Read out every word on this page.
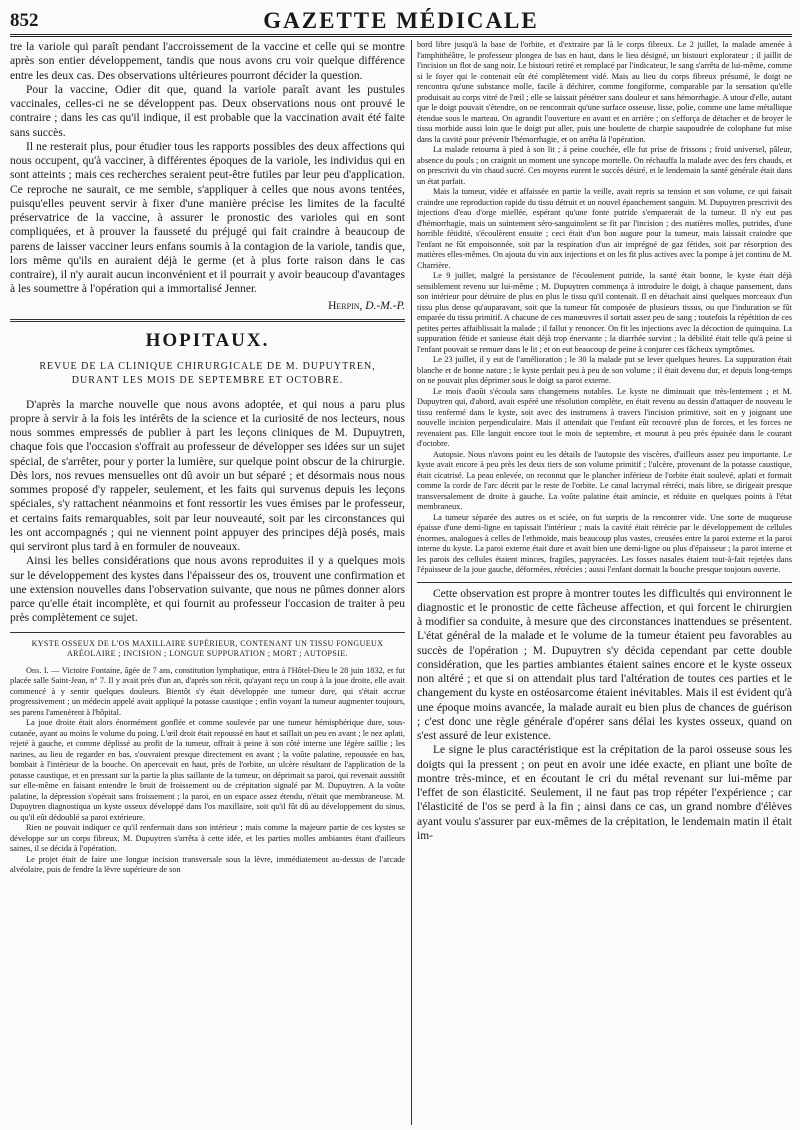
852	GAZETTE MÉDICALE

tre la variole qui paraît pendant l'accroissement de la vaccine et celle qui se montre après son entier développement, tandis que nous avons cru voir quelque différence entre les deux cas. Des observations ultérieures pourront décider la question.

Pour la vaccine, Odier dit que, quand la variole paraît avant les pustules vaccinales, celles-ci ne se développent pas. Deux observations nous ont prouvé le contraire ; dans les cas qu'il indique, il est probable que la vaccination avait été faite sans succès.

Il ne resterait plus, pour étudier tous les rapports possibles des deux affections qui nous occupent, qu'à vacciner, à différentes époques de la variole, les individus qui en sont atteints ; mais ces recherches seraient peut-être futiles par leur peu d'application. Ce reproche ne saurait, ce me semble, s'appliquer à celles que nous avons tentées, puisqu'elles peuvent servir à fixer d'une manière précise les limites de la faculté préservatrice de la vaccine, à assurer le pronostic des varioles qui en sont compliquées, et à prouver la fausseté du préjugé qui fait craindre à beaucoup de parens de laisser vacciner leurs enfans soumis à la contagion de la variole, tandis que, lors même qu'ils en auraient déjà le germe (et à plus forte raison dans le cas contraire), il n'y aurait aucun inconvénient et il pourrait y avoir beaucoup d'avantages à les soumettre à l'opération qui a immortalisé Jenner.

Herpin, D.-M.-P.
HOPITAUX.
REVUE DE LA CLINIQUE CHIRURGICALE DE M. DUPUYTREN,
DURANT LES MOIS DE SEPTEMBRE ET OCTOBRE.

D'après la marche nouvelle que nous avons adoptée, et qui nous a paru plus propre à servir à la fois les intérêts de la science et la curiosité de nos lecteurs, nous nous sommes empressés de publier à part les leçons cliniques de M. Dupuytren, chaque fois que l'occasion s'offrait au professeur de développer ses idées sur un sujet spécial, de s'arrêter, pour y porter la lumière, sur quelque point obscur de la chirurgie. Dès lors, nos revues mensuelles ont dû avoir un but séparé ; et désormais nous nous sommes proposé d'y rappeler, seulement, et les faits qui survenus depuis les leçons spéciales, s'y rattachent néanmoins et font ressortir les vues émises par le professeur, et certains faits remarquables, soit par leur nouveauté, soit par les circonstances qui les ont accompagnés ; qui ne viennent point appuyer des principes déjà posés, mais qui serviront plus tard à en formuler de nouveaux.

Ainsi les belles considérations que nous avons reproduites il y a quelques mois sur le développement des kystes dans l'épaisseur des os, trouvent une confirmation et une extension nouvelles dans l'observation suivante, que nous ne pûmes donner alors parce qu'elle était incomplète, et qui fournit au professeur l'occasion de traiter à peu près complètement ce sujet.

KYSTE OSSEUX DE L'OS MAXILLAIRE SUPÉRIEUR, CONTENANT UN TISSU FONGUEUX
ARÉOLAIRE ; INCISION ; LONGUE SUPPURATION ; MORT ; AUTOPSIE.

Obs. I. — Victoire Fontaine, âgée de 7 ans, constitution lymphatique, entra à l'Hôtel-Dieu le 28 juin 1832, et fut placée salle Saint-Jean, n° 7. Il y avait près d'un an, d'après son récit, qu'ayant reçu un coup à la joue droite, elle avait commencé à y sentir quelques douleurs. Bientôt s'y était développée une tumeur dure, qui s'était accrue progressivement ; un médecin appelé avait appliqué la potasse caustique ; enfin voyant la tumeur augmenter toujours, ses parens l'amenèrent à l'hôpital.

La joue droite était alors énormément gonflée et comme soulevée par une tumeur hémisphérique dure, sous-cutanée, ayant au moins le volume du poing. L'œil droit était repoussé en haut et saillait un peu en avant ; le nez aplati, rejeté à gauche, et comme déplissé au profit de la tumeur, offrait à peine à son côté interne une légère saillie ; les narines, au lieu de regarder en bas, s'ouvraient presque directement en avant ; la voûte palatine, repoussée en bas, bombait à l'intérieur de la bouche. On apercevait en haut, près de l'orbite, un ulcère résultant de l'application de la potasse caustique, et en pressant sur la partie la plus saillante de la tumeur, on déprimait sa paroi, qui revenait aussitôt sur elle-même en faisant entendre le bruit de froissement ou de crépitation signalé par M. Dupuytren. A la voûte palatine, la dépression s'opérait sans froissement ; la paroi, en un espace assez étendu, n'était que membraneuse. M. Dupuytren diagnostiqua un kyste osseux développé dans l'os maxillaire, soit qu'il fût dû au développement du sinus, ou qu'il eût dédoublé sa paroi extérieure.

Rien ne pouvait indiquer ce qu'il renfermait dans son intérieur ; mais comme la majeure partie de ces kystes se développe sur un corps fibreux, M. Dupuytren s'arrêta à cette idée, et les parties molles ambiantes étant d'ailleurs saines, il se décida à l'opération.

Le projet était de faire une longue incision transversale sous la lèvre, immédiatement au-dessus de l'arcade alvéolaire, puis de fendre la lèvre supérieure de son

bord libre jusqu'à la base de l'orbite, et d'extraire par là le corps fibreux. Le 2 juillet, la malade amenée à l'amphithéâtre, le professeur plongea de bas en haut, dans le lieu désigné, un bistouri explorateur ; il jaillit de l'incision un flot de sang noir. Le bistouri retiré et remplacé par l'indicateur, le sang s'arrêta de lui-même, comme si le foyer qui le contenait eût été complètement vidé. Mais au lieu du corps fibreux présumé, le doigt ne rencontra qu'une substance molle, facile à déchirer, comme fongiforme, comparable par la sensation qu'elle produisait au corps vitré de l'œil ; elle se laissait pénétrer sans douleur et sans hémorrhagie. A utour d'elle, autant que le doigt pouvait s'étendre, on ne rencontrait qu'une surface osseuse, lisse, polie, comme une lame métallique étendue sous le marteau. On agrandit l'ouverture en avant et en arrière ; on s'efforça de détacher et de broyer le tissu morbide aussi loin que le doigt put aller, puis une boulette de charpie saupoudrée de colophane fut mise dans la cavité pour prévenir l'hémorrhagie, et on arrêta là l'opération.

La malade retourna à pied à son lit ; à peine couchée, elle fut prise de frissons ; froid universel, pâleur, absence du pouls ; on craignit un moment une syncope mortelle. On réchauffa la malade avec des fers chauds, et on prescrivit du vin chaud sucré. Ces moyens eurent le succès désiré, et le lendemain la santé générale était dans un état parfait.

Mais la tumeur, vidée et affaissée en partie la veille, avait repris sa tension et son volume, ce qui faisait craindre une reproduction rapide du tissu détruit et un nouvel épanchement sanguin. M. Dupuytren prescrivit des injections d'eau d'orge miellée, espérant qu'une fonte putride s'emparerait de la tumeur. Il n'y eut pas d'hémorrhagie, mais un suintement séro-sanguinolent se fit par l'incision ; des matières molles, putrides, d'une horrible fétidité, s'écoulèrent ensuite ; ceci était d'un bon augure pour la tumeur, mais laissait craindre que l'enfant ne fût empoisonnée, soit par la respiration d'un air imprégné de gaz fétides, soit par résorption des matières elles-mêmes. On ajouta du vin aux injections et on les fit plus actives avec la pompe à jet continu de M. Charrière.

Le 9 juillet, malgré la persistance de l'écoulement putride, la santé était bonne, le kyste était déjà sensiblement revenu sur lui-même ; M. Dupuytren commença à introduire le doigt, à chaque pansement, dans son intérieur pour détruire de plus en plus le tissu qu'il contenait. Il en détachait ainsi quelques morceaux d'un tissu plus dense qu'auparavant, soit que la tumeur fût composée de plusieurs tissus, ou que l'induration se fût emparée du tissu primitif. A chacune de ces manœuvres il sortait assez peu de sang ; toutefois la répétition de ces petites pertes affaiblissait la malade ; il fallut y renoncer. On fit les injections avec la décoction de quinquina. La suppuration fétide et sanieuse était déjà trop énervante ; la diarrhée survint ; la débilité était telle qu'à peine si l'enfant pouvait se remuer dans le lit ; et on eut beaucoup de peine à conjurer ces fâcheux symptômes.

Le 23 juillet, il y eut de l'amélioration ; le 30 la malade put se lever quelques heures. La suppuration était blanche et de bonne nature ; le kyste perdait peu à peu de son volume ; il était devenu dur, et depuis long-temps on ne pouvait plus déprimer sous le doigt sa paroi externe.

Le mois d'août s'écoula sans changemens notables. Le kyste ne diminuait que très-lentement ; et M. Dupuytren qui, d'abord, avait espéré une résolution complète, en était revenu au dessin d'attaquer de nouveau le tissu renfermé dans le kyste, soit avec des instrumens à travers l'incision primitive, soit en y joignant une nouvelle incision perpendiculaire. Mais il attendait que l'enfant eût recouvré plus de forces, et les forces ne revenaient pas. Elle languit encore tout le mois de septembre, et mourut à peu près épuisée dans le courant d'octobre.

Autopsie. Nous n'avons point eu les détails de l'autopsie des viscères, d'ailleurs assez peu importante. Le kyste avait encore à peu près les deux tiers de son volume primitif ; l'ulcère, provenant de la potasse caustique, était cicatrisé. La peau enlevée, on reconnut que le plancher inférieur de l'orbite était soulevé, aplati et formait comme la corde de l'arc décrit par le reste de l'orbite. Le canal lacrymal rétréci, mais libre, se dirigeait presque transversalement de droite à gauche. La voûte palatine était amincie, et réduite en quelques points à l'état membraneux.

La tumeur séparée des autres os et sciée, on fut surpris de la rencontrer vide. Une sorte de muqueuse épaisse d'une demi-ligne en tapissait l'intérieur ; mais la cavité était rétrécie par le développement de cellules énormes, analogues à celles de l'ethmoïde, mais beaucoup plus vastes, creusées entre la paroi externe et la paroi interne du kyste. La paroi externe était dure et avait bien une demi-ligne ou plus d'épaisseur ; la paroi interne et les parois des cellules étaient minces, fragiles, papyracées. Les fosses nasales étaient tout-à-fait rejetées dans l'épaisseur de la joue gauche, déformées, rétrécies ; aussi l'enfant dormait la bouche presque toujours ouverte.

Cette observation est propre à montrer toutes les difficultés qui environnent le diagnostic et le pronostic de cette fâcheuse affection, et qui forcent le chirurgien à modifier sa conduite, à mesure que des circonstances inattendues se présentent. L'état général de la malade et le volume de la tumeur étaient peu favorables au succès de l'opération ; M. Dupuytren s'y décida cependant par cette double considération, que les parties ambiantes étaient saines encore et le kyste osseux non altéré ; et que si on attendait plus tard l'altération de toutes ces parties et le changement du kyste en ostéosarcome étaient inévitables. Mais il est évident qu'à une époque moins avancée, la malade aurait eu bien plus de chances de guérison ; c'est donc une règle générale d'opérer sans délai les kystes osseux, quand on s'est assuré de leur existence.

Le signe le plus caractéristique est la crépitation de la paroi osseuse sous les doigts qui la pressent ; on peut en avoir une idée exacte, en pliant une boîte de montre très-mince, et en écoutant le cri du métal revenant sur lui-même par l'effet de son élasticité. Seulement, il ne faut pas trop répéter l'expérience ; car l'élasticité de l'os se perd à la fin ; ainsi dans ce cas, un grand nombre d'élèves ayant voulu s'assurer par eux-mêmes de la crépitation, le lendemain matin il était im-
